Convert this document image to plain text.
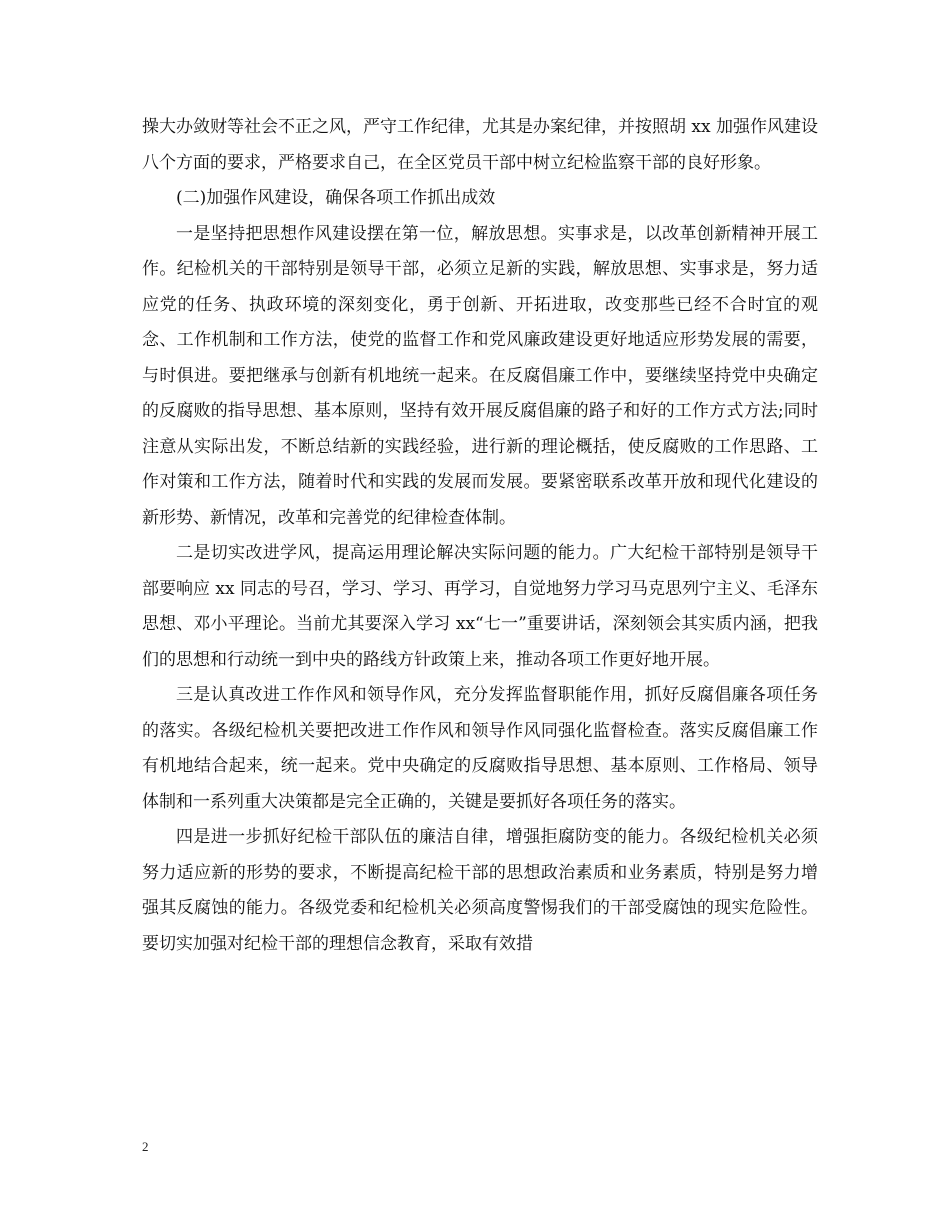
操大办敛财等社会不正之风，严守工作纪律，尤其是办案纪律，并按照胡 xx 加强作风建设八个方面的要求，严格要求自己，在全区党员干部中树立纪检监察干部的良好形象。

(二)加强作风建设，确保各项工作抓出成效

一是坚持把思想作风建设摆在第一位，解放思想。实事求是，以改革创新精神开展工作。纪检机关的干部特别是领导干部，必须立足新的实践，解放思想、实事求是，努力适应党的任务、执政环境的深刻变化，勇于创新、开拓进取，改变那些已经不合时宜的观念、工作机制和工作方法，使党的监督工作和党风廉政建设更好地适应形势发展的需要，与时俱进。要把继承与创新有机地统一起来。在反腐倡廉工作中，要继续坚持党中央确定的反腐败的指导思想、基本原则，坚持有效开展反腐倡廉的路子和好的工作方式方法;同时注意从实际出发，不断总结新的实践经验，进行新的理论概括，使反腐败的工作思路、工作对策和工作方法，随着时代和实践的发展而发展。要紧密联系改革开放和现代化建设的新形势、新情况，改革和完善党的纪律检查体制。

二是切实改进学风，提高运用理论解决实际问题的能力。广大纪检干部特别是领导干部要响应 xx 同志的号召，学习、学习、再学习，自觉地努力学习马克思列宁主义、毛泽东思想、邓小平理论。当前尤其要深入学习 xx“七一”重要讲话，深刻领会其实质内涵，把我们的思想和行动统一到中央的路线方针政策上来，推动各项工作更好地开展。

三是认真改进工作作风和领导作风，充分发挥监督职能作用，抓好反腐倡廉各项任务的落实。各级纪检机关要把改进工作作风和领导作风同强化监督检查。落实反腐倡廉工作有机地结合起来，统一起来。党中央确定的反腐败指导思想、基本原则、工作格局、领导体制和一系列重大决策都是完全正确的，关键是要抓好各项任务的落实。

四是进一步抓好纪检干部队伍的廉洁自律，增强拒腐防变的能力。各级纪检机关必须努力适应新的形势的要求，不断提高纪检干部的思想政治素质和业务素质，特别是努力增强其反腐蚀的能力。各级党委和纪检机关必须高度警惕我们的干部受腐蚀的现实危险性。要切实加强对纪检干部的理想信念教育，采取有效措

2
